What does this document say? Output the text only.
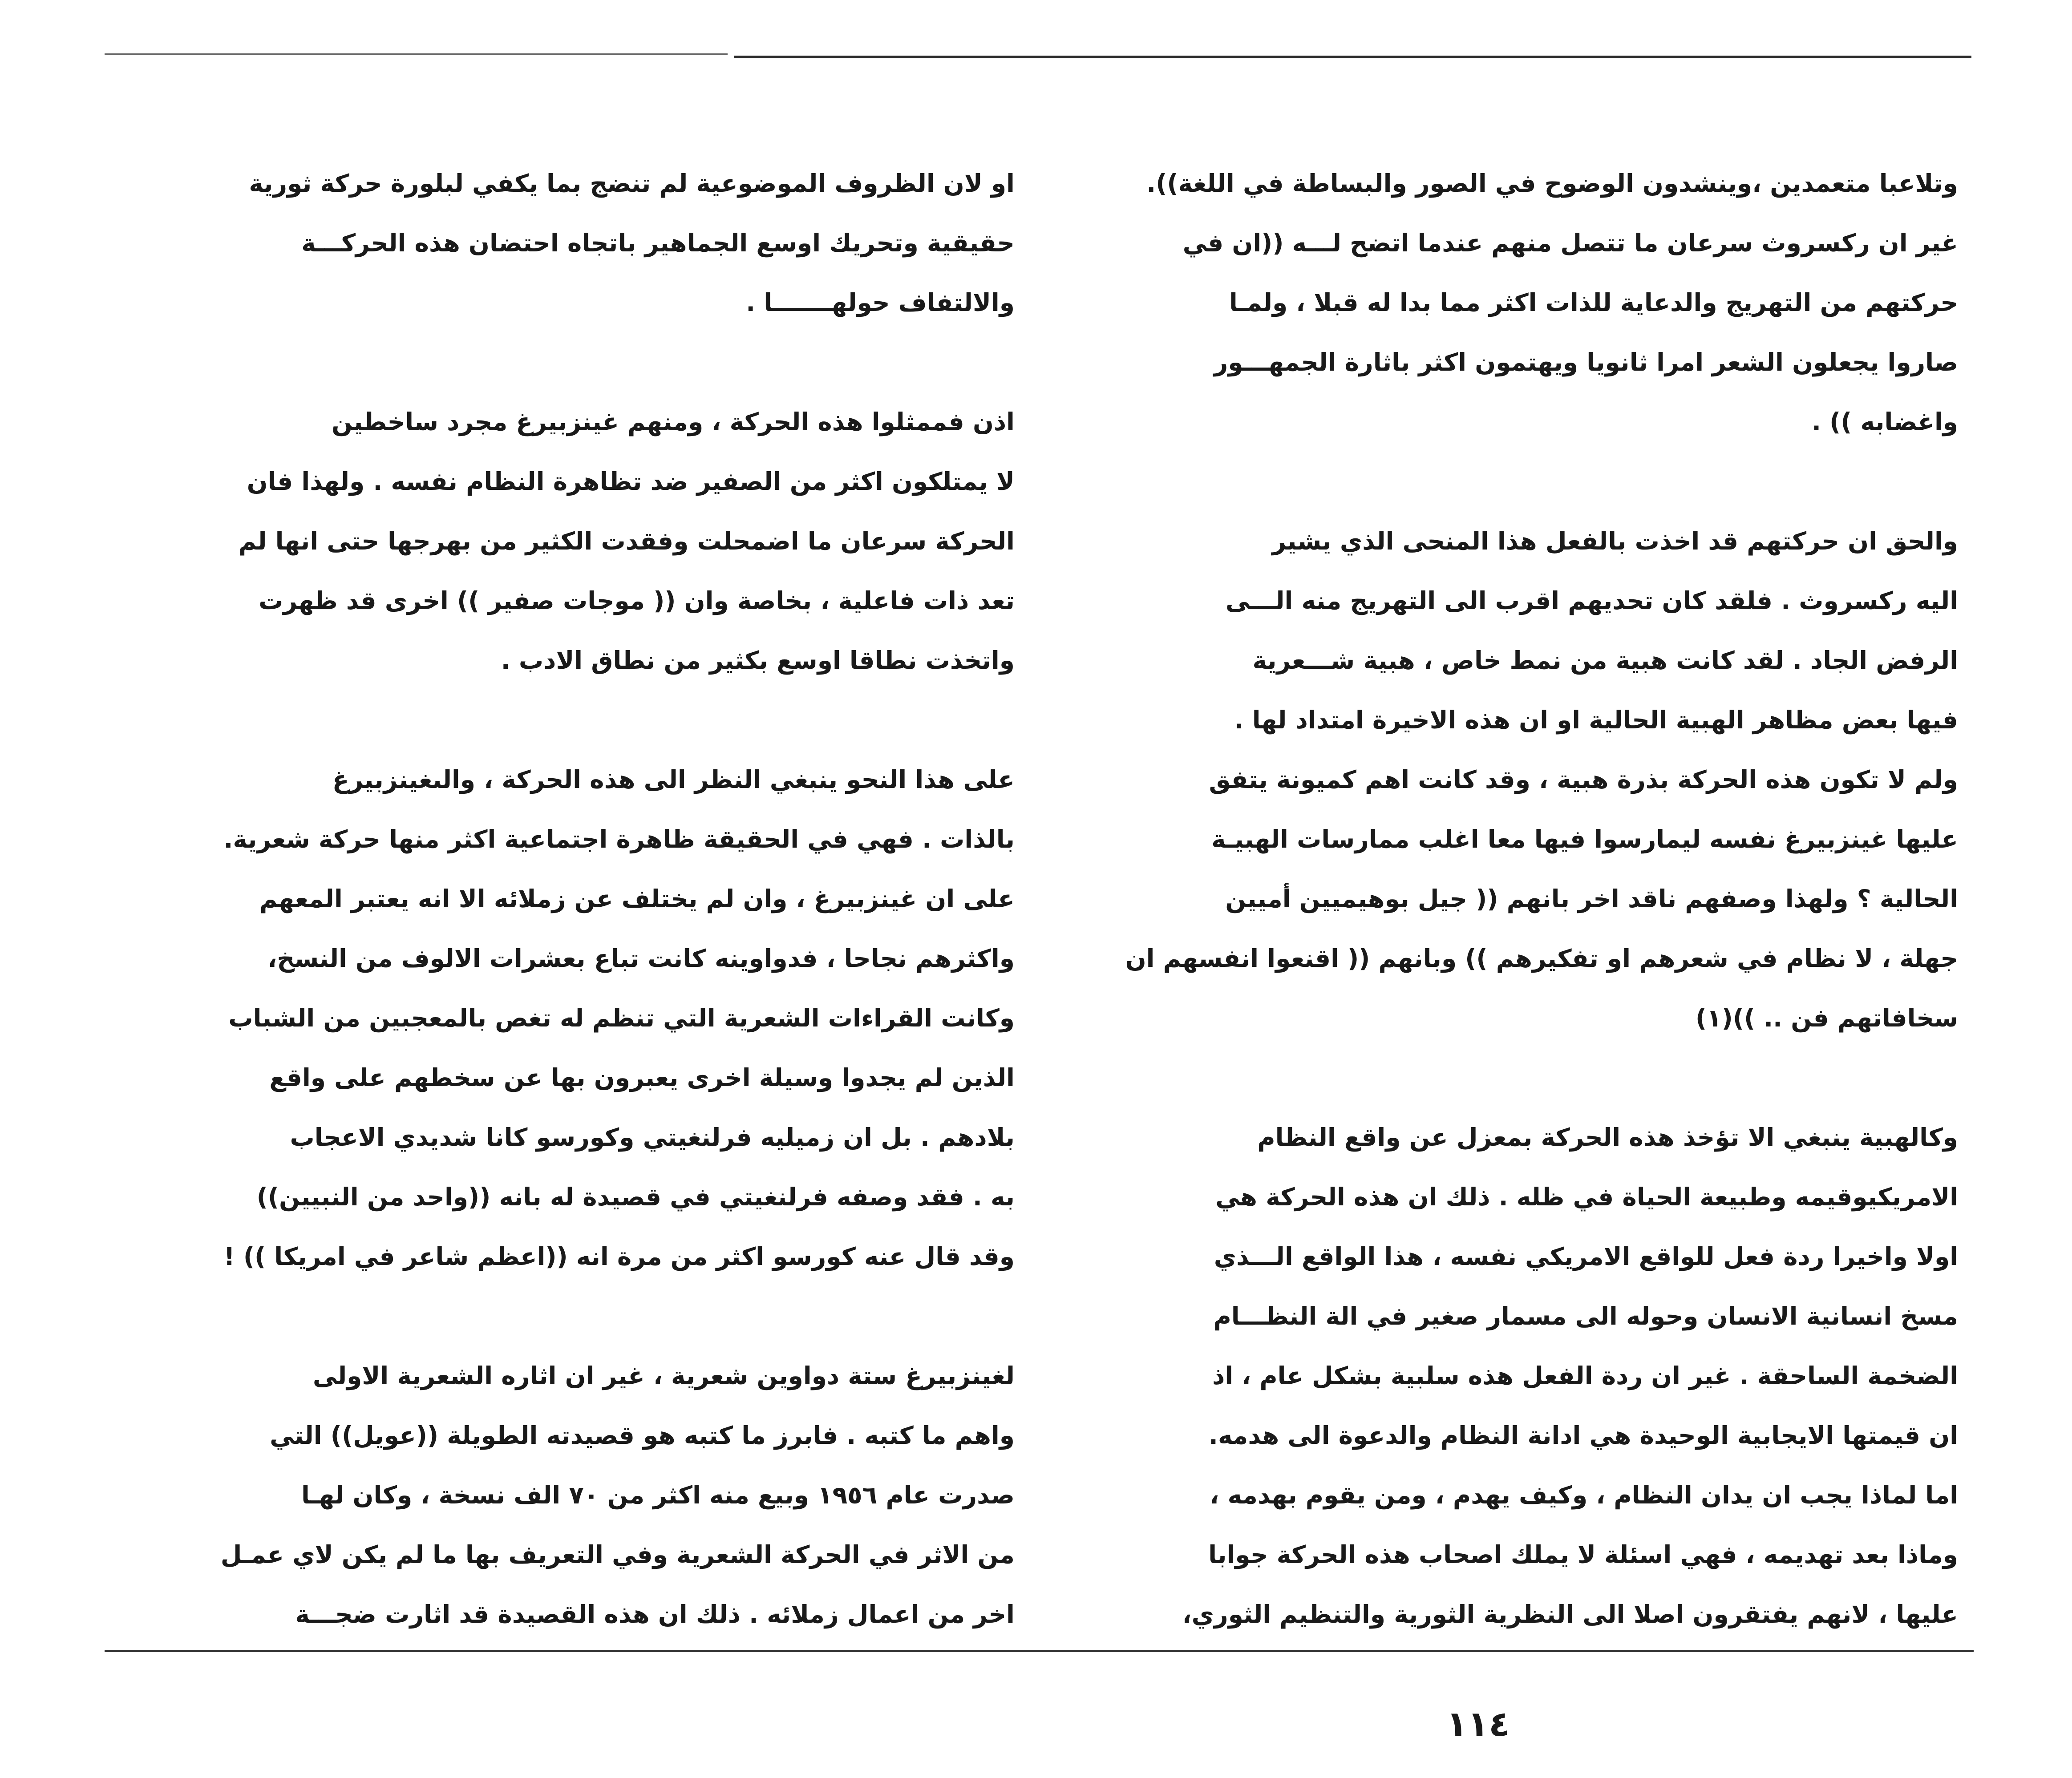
وتلاعبا متعمدين ،وينشدون الوضوح في الصور والبساطة في اللغة)).
غير ان ركسروث سرعان ما تتصل منهم عندما اتضح لـــه ((ان في
حركتهم من التهريج والدعاية للذات اكثر مما بدا له قبلا ، ولمـا
صاروا يجعلون الشعر امرا ثانويا ويهتمون اكثر باثارة الجمهـــور
واغضابه )) .

والحق ان حركتهم قد اخذت بالفعل هذا المنحى الذي يشير
اليه ركسروث . فلقد كان تحديهم اقرب الى التهريج منه الـــى
الرفض الجاد . لقد كانت هبية من نمط خاص ، هبية شـــعرية
فيها بعض مظاهر الهبية الحالية او ان هذه الاخيرة امتداد لها .
ولم لا تكون هذه الحركة بذرة هبية ، وقد كانت اهم كميونة يتفق
عليها غينزبيرغ نفسه ليمارسوا فيها معا اغلب ممارسات الهبيـة
الحالية ؟ ولهذا وصفهم ناقد اخر بانهم (( جيل بوهيميين أميين
جهلة ، لا نظام في شعرهم او تفكيرهم )) وبانهم (( اقنعوا انفسهم ان
سخافاتهم فن .. ))(١)

وكالهبية ينبغي الا تؤخذ هذه الحركة بمعزل عن واقع النظام
الامريكيوقيمه وطبيعة الحياة في ظله . ذلك ان هذه الحركة هي
اولا واخيرا ردة فعل للواقع الامريكي نفسه ، هذا الواقع الـــذي
مسخ انسانية الانسان وحوله الى مسمار صغير في الة النظـــام
الضخمة الساحقة . غير ان ردة الفعل هذه سلبية بشكل عام ، اذ
ان قيمتها الايجابية الوحيدة هي ادانة النظام والدعوة الى هدمه.
اما لماذا يجب ان يدان النظام ، وكيف يهدم ، ومن يقوم بهدمه ،
وماذا بعد تهديمه ، فهي اسئلة لا يملك اصحاب هذه الحركة جوابا
عليها ، لانهم يفتقرون اصلا الى النظرية الثورية والتنظيم الثوري،

او لان الظروف الموضوعية لم تنضج بما يكفي لبلورة حركة ثورية
حقيقية وتحريك اوسع الجماهير باتجاه احتضان هذه الحركـــة
والالتفاف حولهـــــــا .

اذن فممثلوا هذه الحركة ، ومنهم غينزبيرغ مجرد ساخطين
لا يمتلكون اكثر من الصفير ضد تظاهرة النظام نفسه . ولهذا فان
الحركة سرعان ما اضمحلت وفقدت الكثير من بهرجها حتى انها لم
تعد ذات فاعلية ، بخاصة وان (( موجات صفير )) اخرى قد ظهرت
واتخذت نطاقا اوسع بكثير من نطاق الادب .

على هذا النحو ينبغي النظر الى هذه الحركة ، والىغينزبيرغ
بالذات . فهي في الحقيقة ظاهرة اجتماعية اكثر منها حركة شعرية.
على ان غينزبيرغ ، وان لم يختلف عن زملائه الا انه يعتبر المعهم
واكثرهم نجاحا ، فدواوينه كانت تباع بعشرات الالوف من النسخ،
وكانت القراءات الشعرية التي تنظم له تغص بالمعجبين من الشباب
الذين لم يجدوا وسيلة اخرى يعبرون بها عن سخطهم على واقع
بلادهم . بل ان زميليه فرلنغيتي وكورسو كانا شديدي الاعجاب
به . فقد وصفه فرلنغيتي في قصيدة له بانه ((واحد من النبيين))
وقد قال عنه كورسو اكثر من مرة انه ((اعظم شاعر في امريكا )) !

لغينزبيرغ ستة دواوين شعرية ، غير ان اثاره الشعرية الاولى
واهم ما كتبه . فابرز ما كتبه هو قصيدته الطويلة ((عويل)) التي
صدرت عام ١٩٥٦ وبيع منه اكثر من ٧٠ الف نسخة ، وكان لهـا
من الاثر في الحركة الشعرية وفي التعريف بها ما لم يكن لاي عمـل
اخر من اعمال زملائه . ذلك ان هذه القصيدة قد اثارت ضجـــة

١١٤
